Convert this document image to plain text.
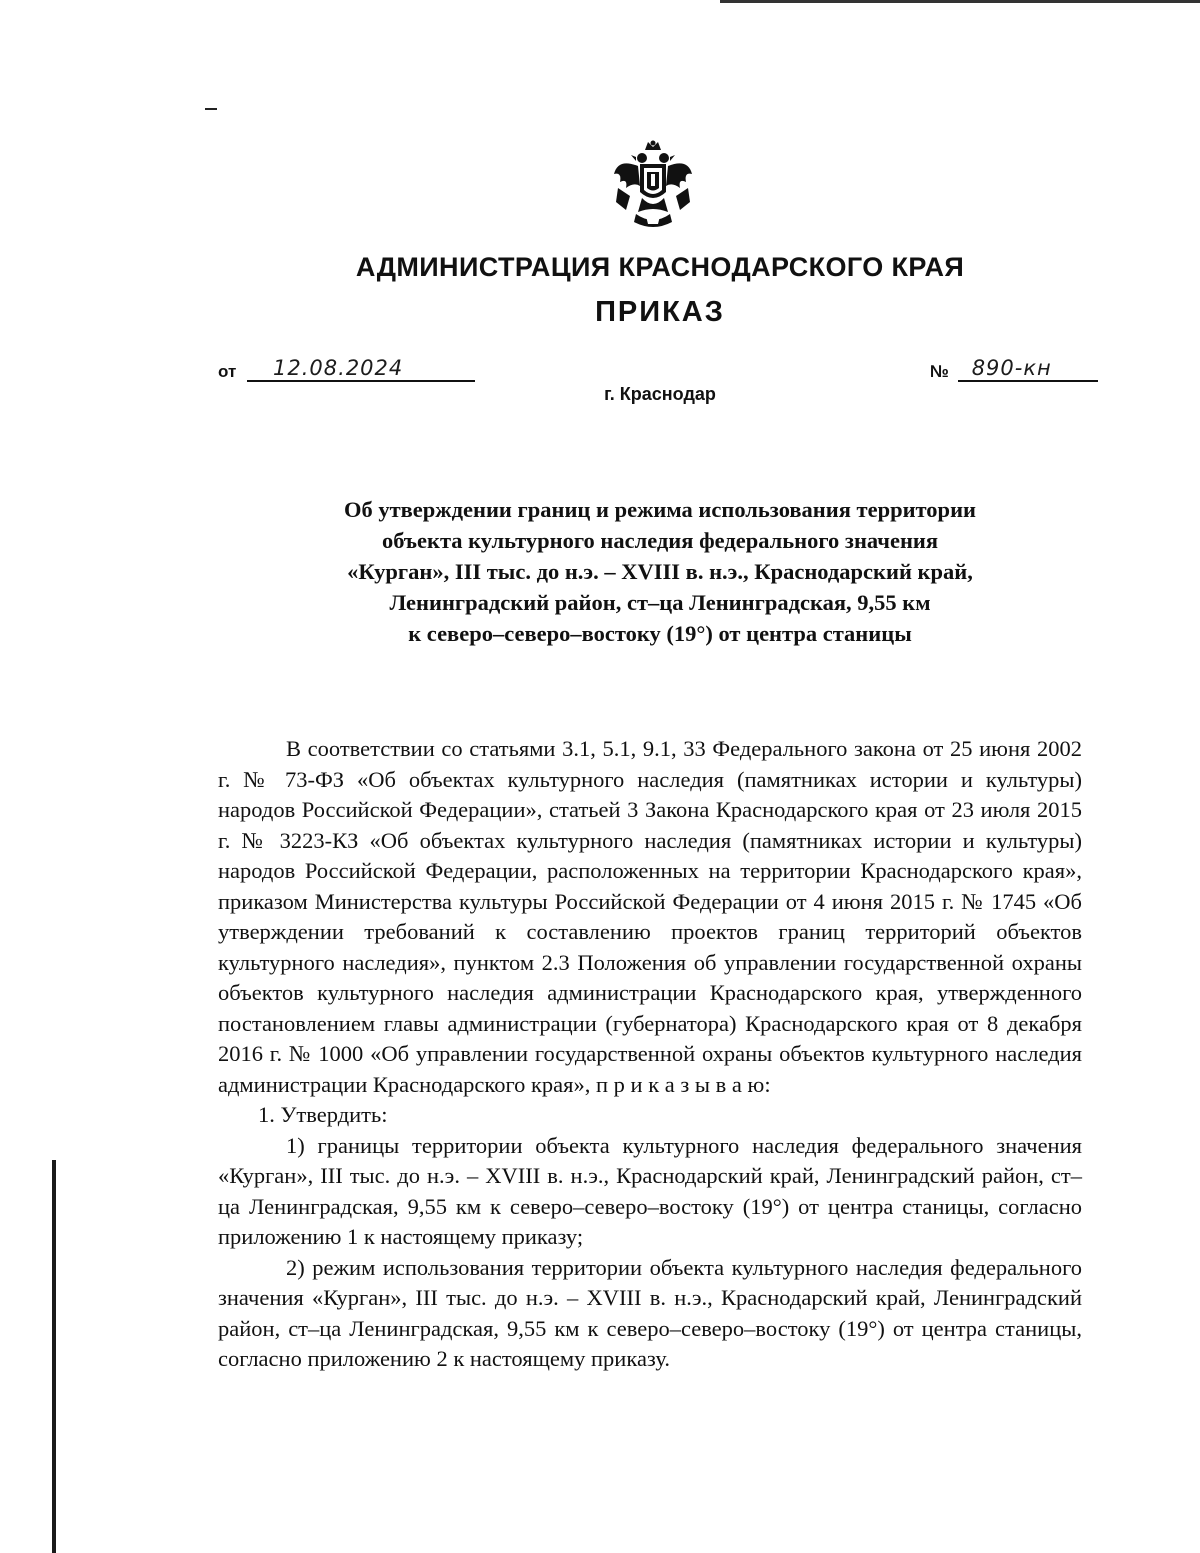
АДМИНИСТРАЦИЯ КРАСНОДАРСКОГО КРАЯ
ПРИКАЗ
от 12.08.2024	№ 890-кн
г. Краснодар
Об утверждении границ и режима использования территории
объекта культурного наследия федерального значения
«Курган», III тыс. до н.э. – XVIII в. н.э., Краснодарский край,
Ленинградский район, ст–ца Ленинградская, 9,55 км
к северо–северо–востоку (19°) от центра станицы

В соответствии со статьями 3.1, 5.1, 9.1, 33 Федерального закона от 25 июня 2002 г. № 73-ФЗ «Об объектах культурного наследия (памятниках истории и культуры) народов Российской Федерации», статьей 3 Закона Краснодарского края от 23 июля 2015 г. № 3223-КЗ «Об объектах культурного наследия (памятниках истории и культуры) народов Российской Федерации, расположенных на территории Краснодарского края», приказом Министерства культуры Российской Федерации от 4 июня 2015 г. № 1745 «Об утверждении требований к составлению проектов границ территорий объектов культурного наследия», пунктом 2.3 Положения об управлении государственной охраны объектов культурного наследия администрации Краснодарского края, утвержденного постановлением главы администрации (губернатора) Краснодарского края от 8 декабря 2016 г. № 1000 «Об управлении государственной охраны объектов культурного наследия администрации Краснодарского края», п р и к а з ы в а ю:

1. Утвердить:

1) границы территории объекта культурного наследия федерального значения «Курган», III тыс. до н.э. – XVIII в. н.э., Краснодарский край, Ленинградский район, ст–ца Ленинградская, 9,55 км к северо–северо–востоку (19°) от центра станицы, согласно приложению 1 к настоящему приказу;

2) режим использования территории объекта культурного наследия федерального значения «Курган», III тыс. до н.э. – XVIII в. н.э., Краснодарский край, Ленинградский район, ст–ца Ленинградская, 9,55 км к северо–северо–востоку (19°) от центра станицы, согласно приложению 2 к настоящему приказу.
